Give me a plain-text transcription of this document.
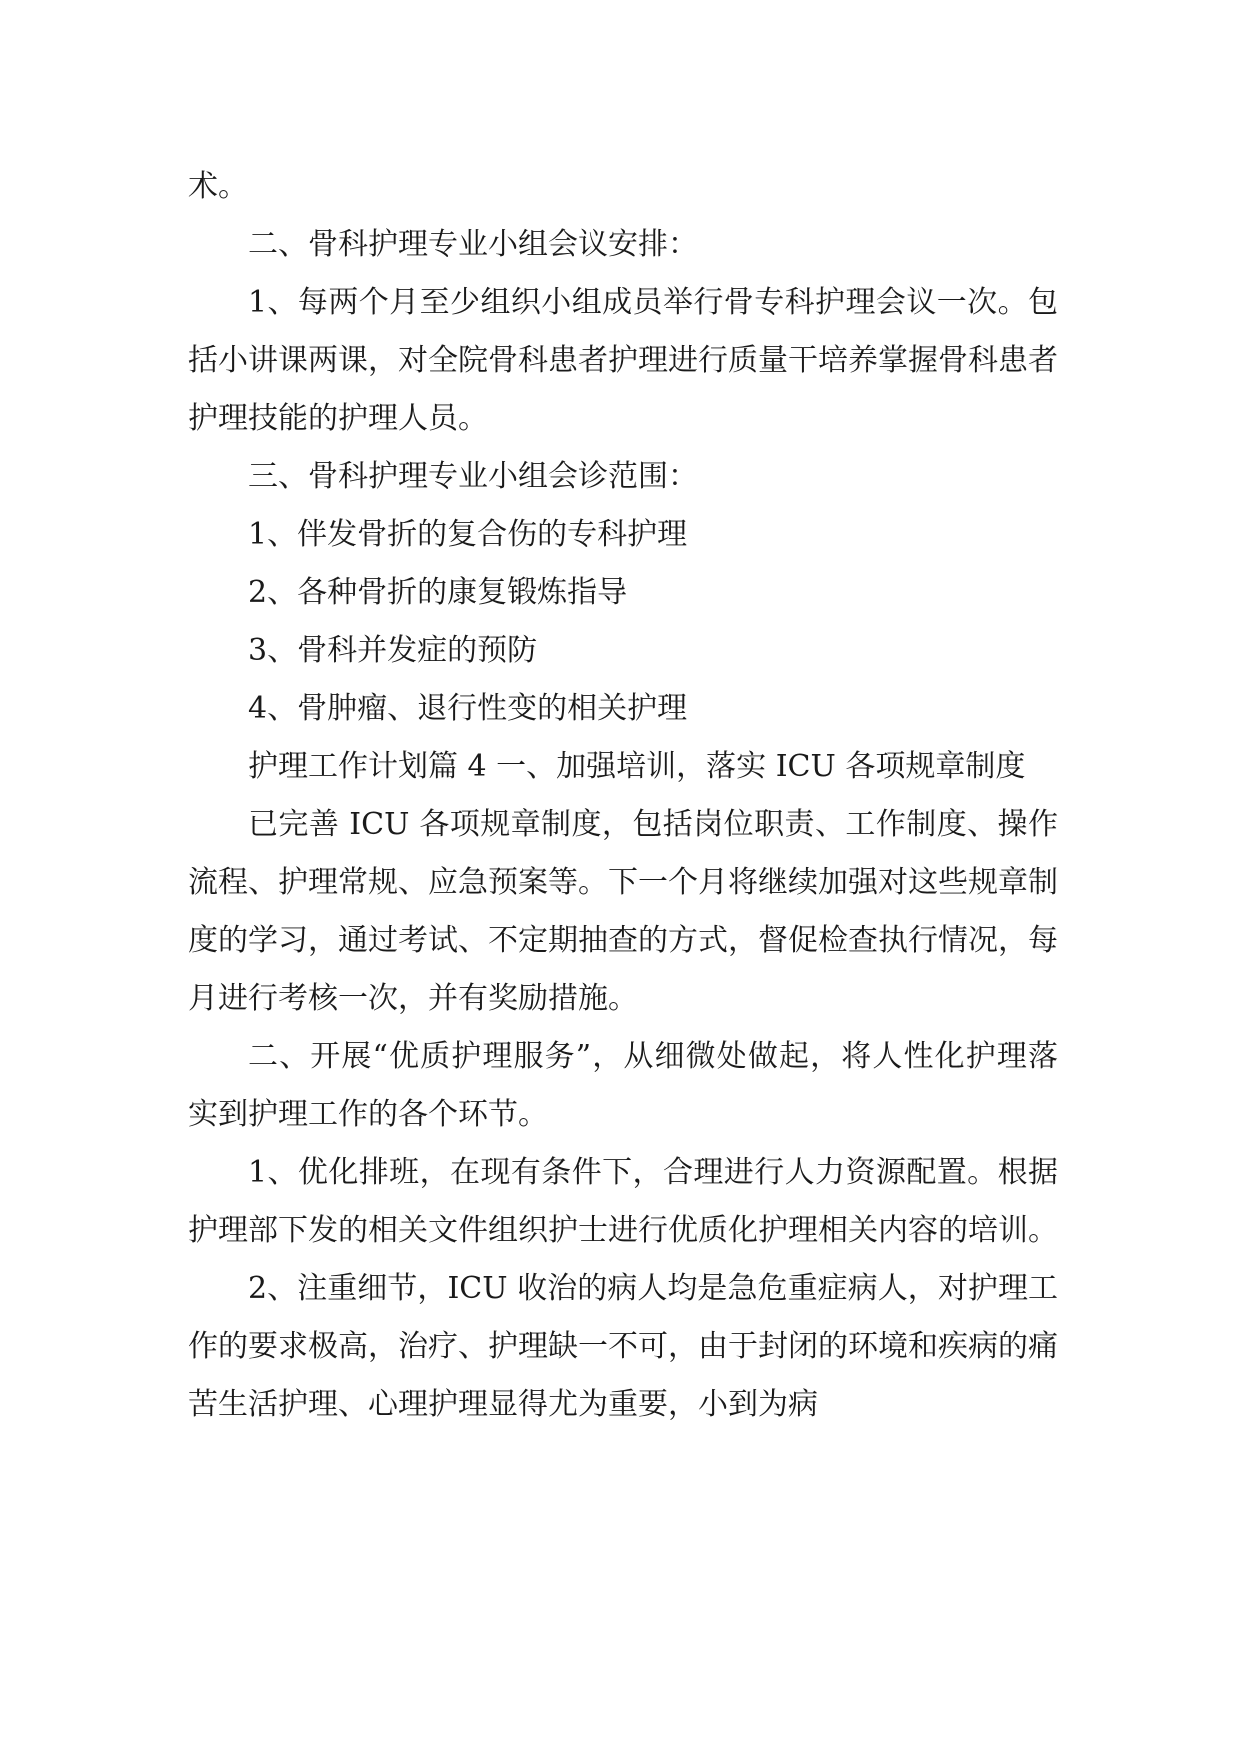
术。

二、骨科护理专业小组会议安排：

1、每两个月至少组织小组成员举行骨专科护理会议一次。包括小讲课两课，对全院骨科患者护理进行质量干培养掌握骨科患者护理技能的护理人员。

三、骨科护理专业小组会诊范围：

1、伴发骨折的复合伤的专科护理

2、各种骨折的康复锻炼指导

3、骨科并发症的预防

4、骨肿瘤、退行性变的相关护理

护理工作计划篇 4 一、加强培训，落实 ICU 各项规章制度

已完善 ICU 各项规章制度，包括岗位职责、工作制度、操作流程、护理常规、应急预案等。下一个月将继续加强对这些规章制度的学习，通过考试、不定期抽查的方式，督促检查执行情况，每月进行考核一次，并有奖励措施。

二、开展“优质护理服务”，从细微处做起，将人性化护理落实到护理工作的各个环节。

1、优化排班，在现有条件下，合理进行人力资源配置。根据护理部下发的相关文件组织护士进行优质化护理相关内容的培训。

2、注重细节，ICU 收治的病人均是急危重症病人，对护理工作的要求极高，治疗、护理缺一不可，由于封闭的环境和疾病的痛苦生活护理、心理护理显得尤为重要，小到为病
